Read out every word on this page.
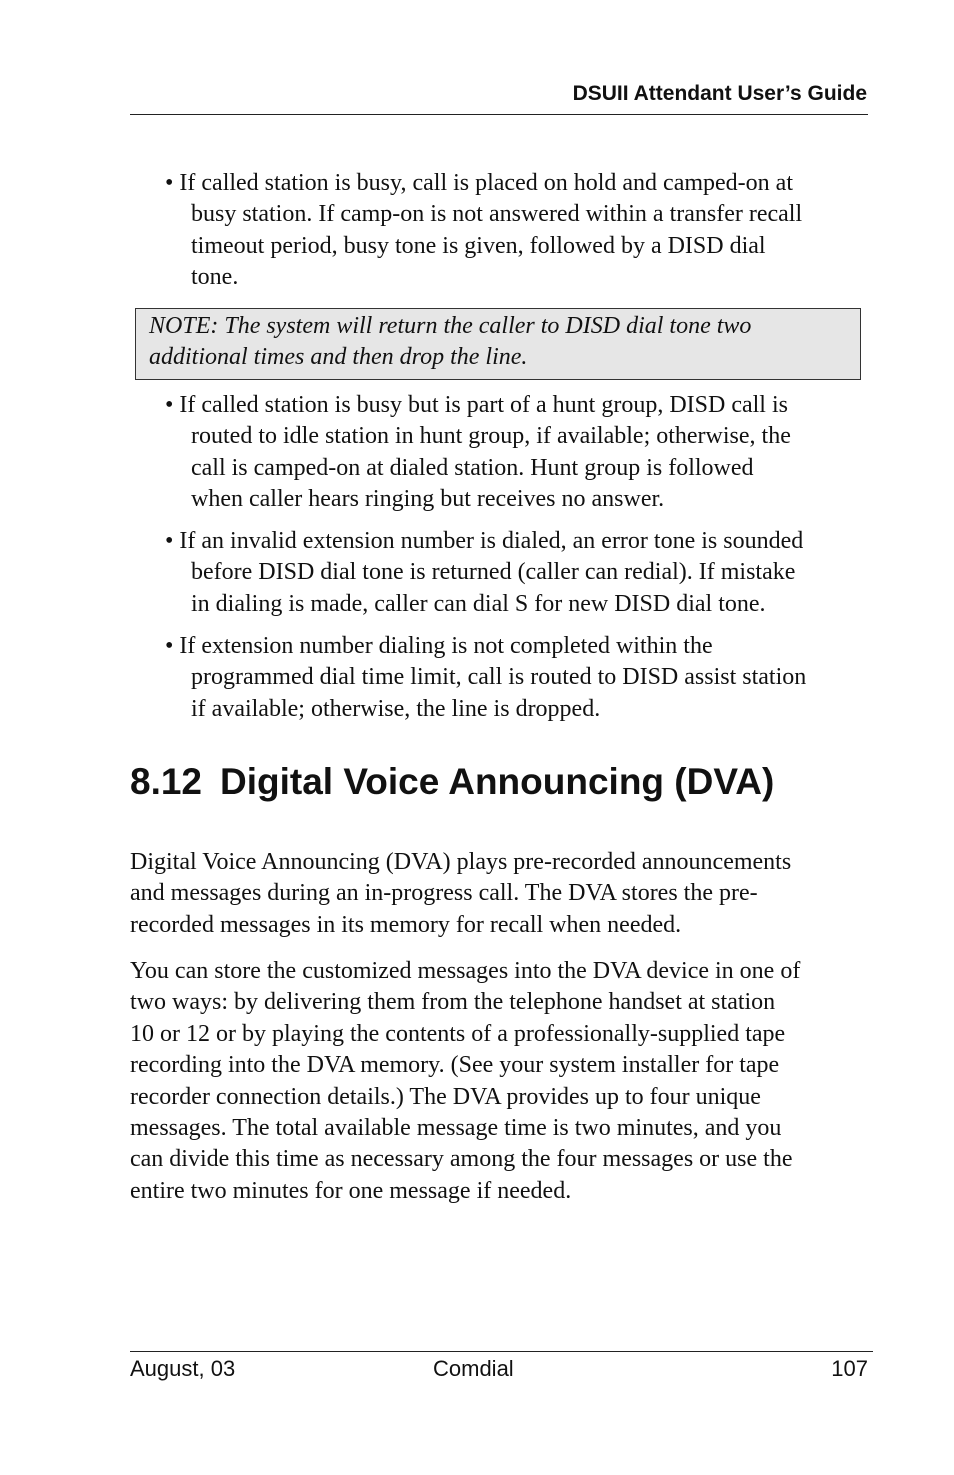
DSUII Attendant User’s Guide
• If called station is busy, call is placed on hold and camped-on at
busy station. If camp-on is not answered within a transfer recall
timeout period, busy tone is given, followed by a DISD dial
tone.
NOTE: The system will return the caller to DISD dial tone two
additional times and then drop the line.
• If called station is busy but is part of a hunt group, DISD call is
routed to idle station in hunt group, if available; otherwise, the
call is camped-on at dialed station. Hunt group is followed
when caller hears ringing but receives no answer.
• If an invalid extension number is dialed, an error tone is sounded
before DISD dial tone is returned (caller can redial). If mistake
in dialing is made, caller can dial S for new DISD dial tone.
• If extension number dialing is not completed within the
programmed dial time limit, call is routed to DISD assist station
if available; otherwise, the line is dropped.
8.12 Digital Voice Announcing (DVA)
Digital Voice Announcing (DVA) plays pre-recorded announcements
and messages during an in-progress call. The DVA stores the pre-
recorded messages in its memory for recall when needed.
You can store the customized messages into the DVA device in one of
two ways: by delivering them from the telephone handset at station
10 or 12 or by playing the contents of a professionally-supplied tape
recording into the DVA memory. (See your system installer for tape
recorder connection details.) The DVA provides up to four unique
messages. The total available message time is two minutes, and you
can divide this time as necessary among the four messages or use the
entire two minutes for one message if needed.
August, 03	Comdial	107
